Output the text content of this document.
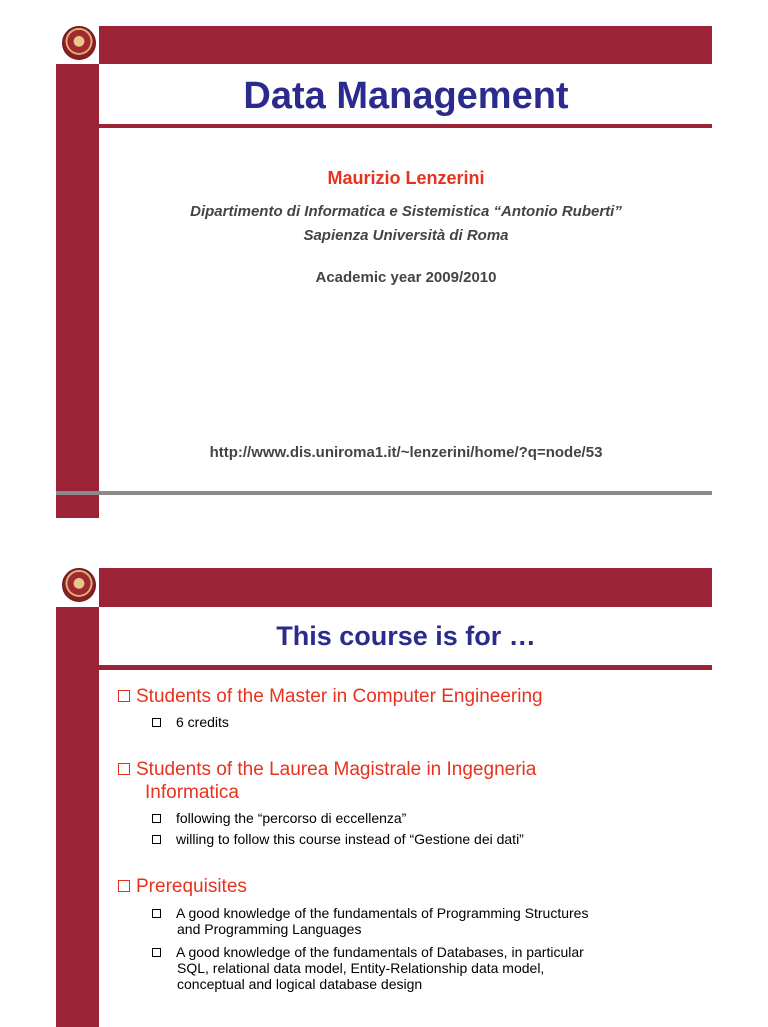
Data Management
Maurizio Lenzerini
Dipartimento di Informatica e Sistemistica “Antonio Ruberti”
Sapienza Università di Roma
Academic year 2009/2010
http://www.dis.uniroma1.it/~lenzerini/home/?q=node/53
This course is for …
Students of the Master in Computer Engineering
6 credits
Students of the Laurea Magistrale in Ingegneria
Informatica
following the “percorso di eccellenza”
willing to follow this course instead of “Gestione dei dati”
Prerequisites
A good knowledge of the fundamentals of Programming Structures
and Programming Languages
A good knowledge of the fundamentals of Databases, in particular
SQL, relational data model, Entity-Relationship data model,
conceptual and logical database design
